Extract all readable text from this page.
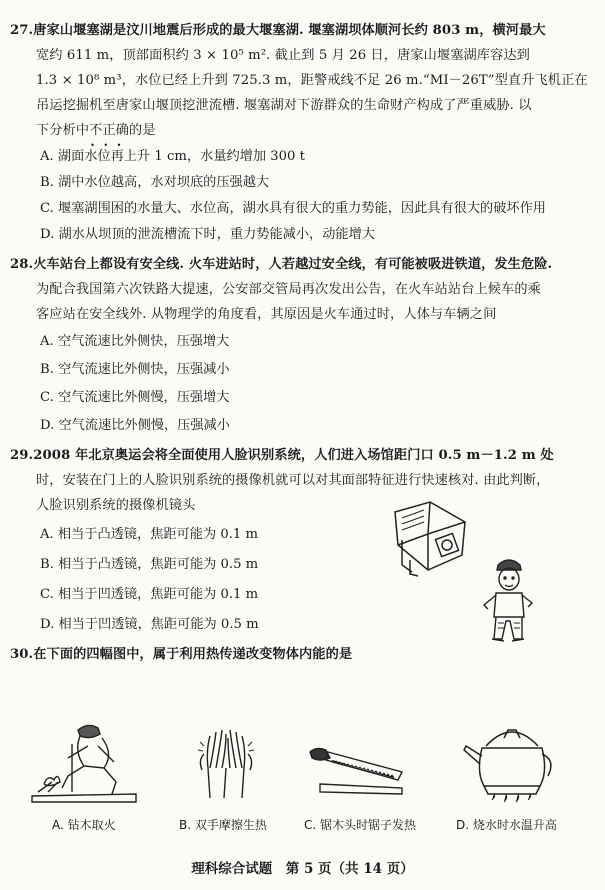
27.唐家山堰塞湖是汶川地震后形成的最大堰塞湖. 堰塞湖坝体顺河长约 803 m，横河最大
宽约 611 m，顶部面积约 3 × 10⁵ m². 截止到 5 月 26 日，唐家山堰塞湖库容达到
1.3 × 10⁸ m³，水位已经上升到 725.3 m，距警戒线不足 26 m.“MI－26T”型直升飞机正在
吊运挖掘机至唐家山堰顶挖泄流槽. 堰塞湖对下游群众的生命财产构成了严重威胁. 以
下分析中不正确 • • •的是
A. 湖面水位再上升 1 cm，水量约增加 300 t
B. 湖中水位越高，水对坝底的压强越大
C. 堰塞湖围困的水量大、水位高，湖水具有很大的重力势能，因此具有很大的破坏作用
D. 湖水从坝顶的泄流槽流下时，重力势能减小，动能增大
28.火车站台上都设有安全线. 火车进站时，人若越过安全线，有可能被吸进铁道，发生危险.
为配合我国第六次铁路大提速，公安部交管局再次发出公告，在火车站站台上候车的乘
客应站在安全线外. 从物理学的角度看，其原因是火车通过时，人体与车辆之间
A. 空气流速比外侧快，压强增大
B. 空气流速比外侧快，压强减小
C. 空气流速比外侧慢，压强增大
D. 空气流速比外侧慢，压强减小
29.2008 年北京奥运会将全面使用人脸识别系统，人们进入场馆距门口 0.5 m－1.2 m 处
时，安装在门上的人脸识别系统的摄像机就可以对其面部特征进行快速核对. 由此判断，
人脸识别系统的摄像机镜头
A. 相当于凸透镜，焦距可能为 0.1 m
B. 相当于凸透镜，焦距可能为 0.5 m
C. 相当于凹透镜，焦距可能为 0.1 m
D. 相当于凹透镜，焦距可能为 0.5 m
30.在下面的四幅图中，属于利用热传递改变物体内能的是
A. 钻木取火	B. 双手摩擦生热	C. 锯木头时锯子发热	D. 烧水时水温升高
理科综合试题　第 5 页（共 14 页）
